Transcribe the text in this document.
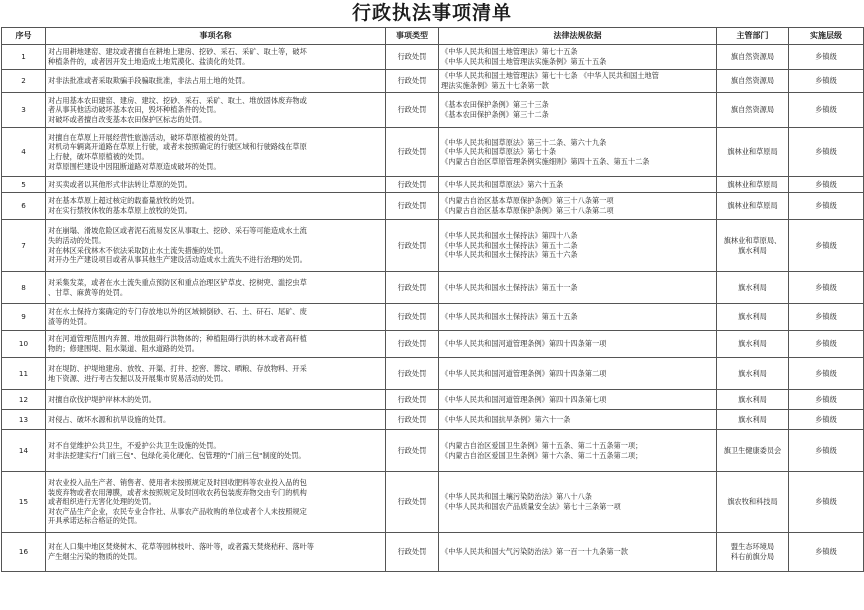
行政执法事项清单
序号	事项名称	事项类型	法律法规依据	主管部门	实施层级
1	对占用耕地建窑、建坟或者擅自在耕地上建房、挖砂、采石、采矿、取土等，破坏
种植条件的，或者因开发土地造成土地荒漠化、盐渍化的处罚。	行政处罚	《中华人民共和国土地管理法》第七十五条
《中华人民共和国土地管理法实施条例》第五十五条	旗自然资源局	乡镇级
2	对非法批准或者采取欺骗手段骗取批准，非法占用土地的处罚。	行政处罚	《中华人民共和国土地管理法》第七十七条 《中华人民共和国土地管
理法实施条例》第五十七条第一款	旗自然资源局	乡镇级
3	对占用基本农田建窑、建房、建坟、挖砂、采石、采矿、取土、堆放固体废弃物或
者从事其他活动破坏基本农田，毁坏种植条件的处罚。
对破坏或者擅自改变基本农田保护区标志的处罚。	行政处罚	《基本农田保护条例》第三十三条
《基本农田保护条例》第三十二条	旗自然资源局	乡镇级
4	对擅自在草原上开展经营性旅游活动，破坏草原植被的处罚。
对机动车辆离开道路在草原上行驶，或者未按照确定的行驶区域和行驶路线在草原
上行驶，破坏草原植被的处罚。
对草原围栏建设中因阻断道路对草原造成破坏的处罚。	行政处罚	《中华人民共和国草原法》第三十二条、第六十九条
《中华人民共和国草原法》第七十条
《内蒙古自治区草原管理条例实施细则》第四十五条、第五十二条	旗林业和草原局	乡镇级
5	对买卖或者以其他形式非法转让草原的处罚。	行政处罚	《中华人民共和国草原法》第六十五条	旗林业和草原局	乡镇级
6	对在基本草原上超过核定的载畜量放牧的处罚。
对在实行禁牧休牧的基本草原上放牧的处罚。	行政处罚	《内蒙古自治区基本草原保护条例》第三十八条第一项
《内蒙古自治区基本草原保护条例》第三十八条第二项	旗林业和草原局	乡镇级
7	对在崩塌、滑坡危险区或者泥石流易发区从事取土、挖砂、采石等可能造成水土流
失的活动的处罚。
对在林区采伐林木不依法采取防止水土流失措施的处罚。
对开办生产建设项目或者从事其他生产建设活动造成水土流失不进行治理的处罚。	行政处罚	《中华人民共和国水土保持法》第四十八条
《中华人民共和国水土保持法》第五十二条
《中华人民共和国水土保持法》第五十六条	旗林业和草原局、
旗水利局	乡镇级
8	对采集发菜，或者在水土流失重点预防区和重点治理区铲草皮、挖树兜、滥挖虫草
、甘草、麻黄等的处罚。	行政处罚	《中华人民共和国水土保持法》第五十一条	旗水利局	乡镇级
9	对在水土保持方案确定的专门存放地以外的区域倾倒砂、石、土、矸石、尾矿、废
渣等的处罚。	行政处罚	《中华人民共和国水土保持法》第五十五条	旗水利局	乡镇级
10	对在河道管理范围内弃置、堆放阻碍行洪物体的；种植阻碍行洪的林木或者高秆植
物的；修建围堤、阻水渠道、阻水道路的处罚。	行政处罚	《中华人民共和国河道管理条例》第四十四条第一项	旗水利局	乡镇级
11	对在堤防、护堤地建房、放牧、开渠、打井、挖窖、葬坟、晒粮、存放物料、开采
地下资源、进行考古发掘以及开展集市贸易活动的处罚。	行政处罚	《中华人民共和国河道管理条例》第四十四条第二项	旗水利局	乡镇级
12	对擅自砍伐护堤护岸林木的处罚。	行政处罚	《中华人民共和国河道管理条例》第四十四条第七项	旗水利局	乡镇级
13	对侵占、破坏水源和抗旱设施的处罚。	行政处罚	《中华人民共和国抗旱条例》第六十一条	旗水利局	乡镇级
14	对不自觉维护公共卫生，不爱护公共卫生设施的处罚。
对非法挖建实行"门前三包"、包绿化美化硬化、包管理的"门前三包"制度的处罚。	行政处罚	《内蒙古自治区爱国卫生条例》第十五条、第二十五条第一项；
《内蒙古自治区爱国卫生条例》第十六条、第二十五条第二项；	旗卫生健康委员会	乡镇级
15	对农业投入品生产者、销售者、使用者未按照规定及时回收肥料等农业投入品的包
装废弃物或者农用薄膜，或者未按照规定及时回收农药包装废弃物交由专门的机构
或者组织进行无害化处理的处罚。
对农产品生产企业，农民专业合作社、从事农产品收购的单位或者个人未按照规定
开具承诺达标合格证的处罚。	行政处罚	《中华人民共和国土壤污染防治法》第八十八条
《中华人民共和国农产品质量安全法》第七十三条第一项	旗农牧和科技局	乡镇级
16	对在人口集中地区焚烧树木、花草等园林枝叶、落叶等，或者露天焚烧秸秆、落叶等
产生烟尘污染的物质的处罚。	行政处罚	《中华人民共和国大气污染防治法》第一百一十九条第一款	盟生态环境局
科右前旗分局	乡镇级
